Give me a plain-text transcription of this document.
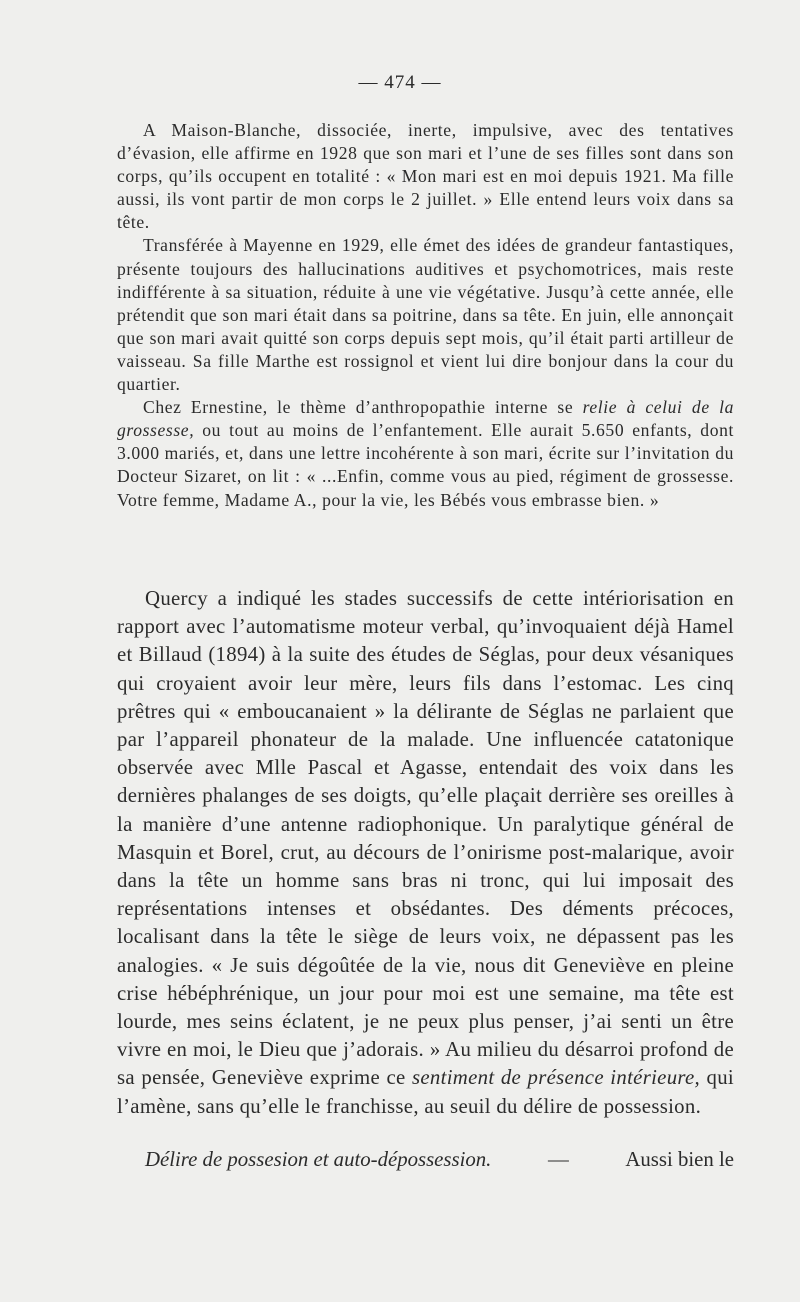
— 474 —

A Maison-Blanche, dissociée, inerte, impulsive, avec des tentatives d’évasion, elle affirme en 1928 que son mari et l’une de ses filles sont dans son corps, qu’ils occupent en totalité : « Mon mari est en moi depuis 1921. Ma fille aussi, ils vont partir de mon corps le 2 juillet. » Elle entend leurs voix dans sa tête.

Transférée à Mayenne en 1929, elle émet des idées de grandeur fantastiques, présente toujours des hallucinations auditives et psychomotrices, mais reste indifférente à sa situation, réduite à une vie végétative. Jusqu’à cette année, elle prétendit que son mari était dans sa poitrine, dans sa tête. En juin, elle annonçait que son mari avait quitté son corps depuis sept mois, qu’il était parti artilleur de vaisseau. Sa fille Marthe est rossignol et vient lui dire bonjour dans la cour du quartier.

Chez Ernestine, le thème d’anthropopathie interne se relie à celui de la grossesse, ou tout au moins de l’enfantement. Elle aurait 5.650 enfants, dont 3.000 mariés, et, dans une lettre incohérente à son mari, écrite sur l’invitation du Docteur Sizaret, on lit : « ...Enfin, comme vous au pied, régiment de grossesse. Votre femme, Madame A., pour la vie, les Bébés vous embrasse bien. »

Quercy a indiqué les stades successifs de cette intériorisation en rapport avec l’automatisme moteur verbal, qu’invoquaient déjà Hamel et Billaud (1894) à la suite des études de Séglas, pour deux vésaniques qui croyaient avoir leur mère, leurs fils dans l’estomac. Les cinq prêtres qui « emboucanaient » la délirante de Séglas ne parlaient que par l’appareil phonateur de la malade. Une influencée catatonique observée avec Mlle Pascal et Agasse, entendait des voix dans les dernières phalanges de ses doigts, qu’elle plaçait derrière ses oreilles à la manière d’une antenne radiophonique. Un paralytique général de Masquin et Borel, crut, au décours de l’onirisme post-malarique, avoir dans la tête un homme sans bras ni tronc, qui lui imposait des représentations intenses et obsédantes. Des déments précoces, localisant dans la tête le siège de leurs voix, ne dépassent pas les analogies. « Je suis dégoûtée de la vie, nous dit Geneviève en pleine crise hébéphrénique, un jour pour moi est une semaine, ma tête est lourde, mes seins éclatent, je ne peux plus penser, j’ai senti un être vivre en moi, le Dieu que j’adorais. » Au milieu du désarroi profond de sa pensée, Geneviève exprime ce sentiment de présence intérieure, qui l’amène, sans qu’elle le franchisse, au seuil du délire de possession.

Délire de possesion et auto-dépossession.	—	Aussi bien le
